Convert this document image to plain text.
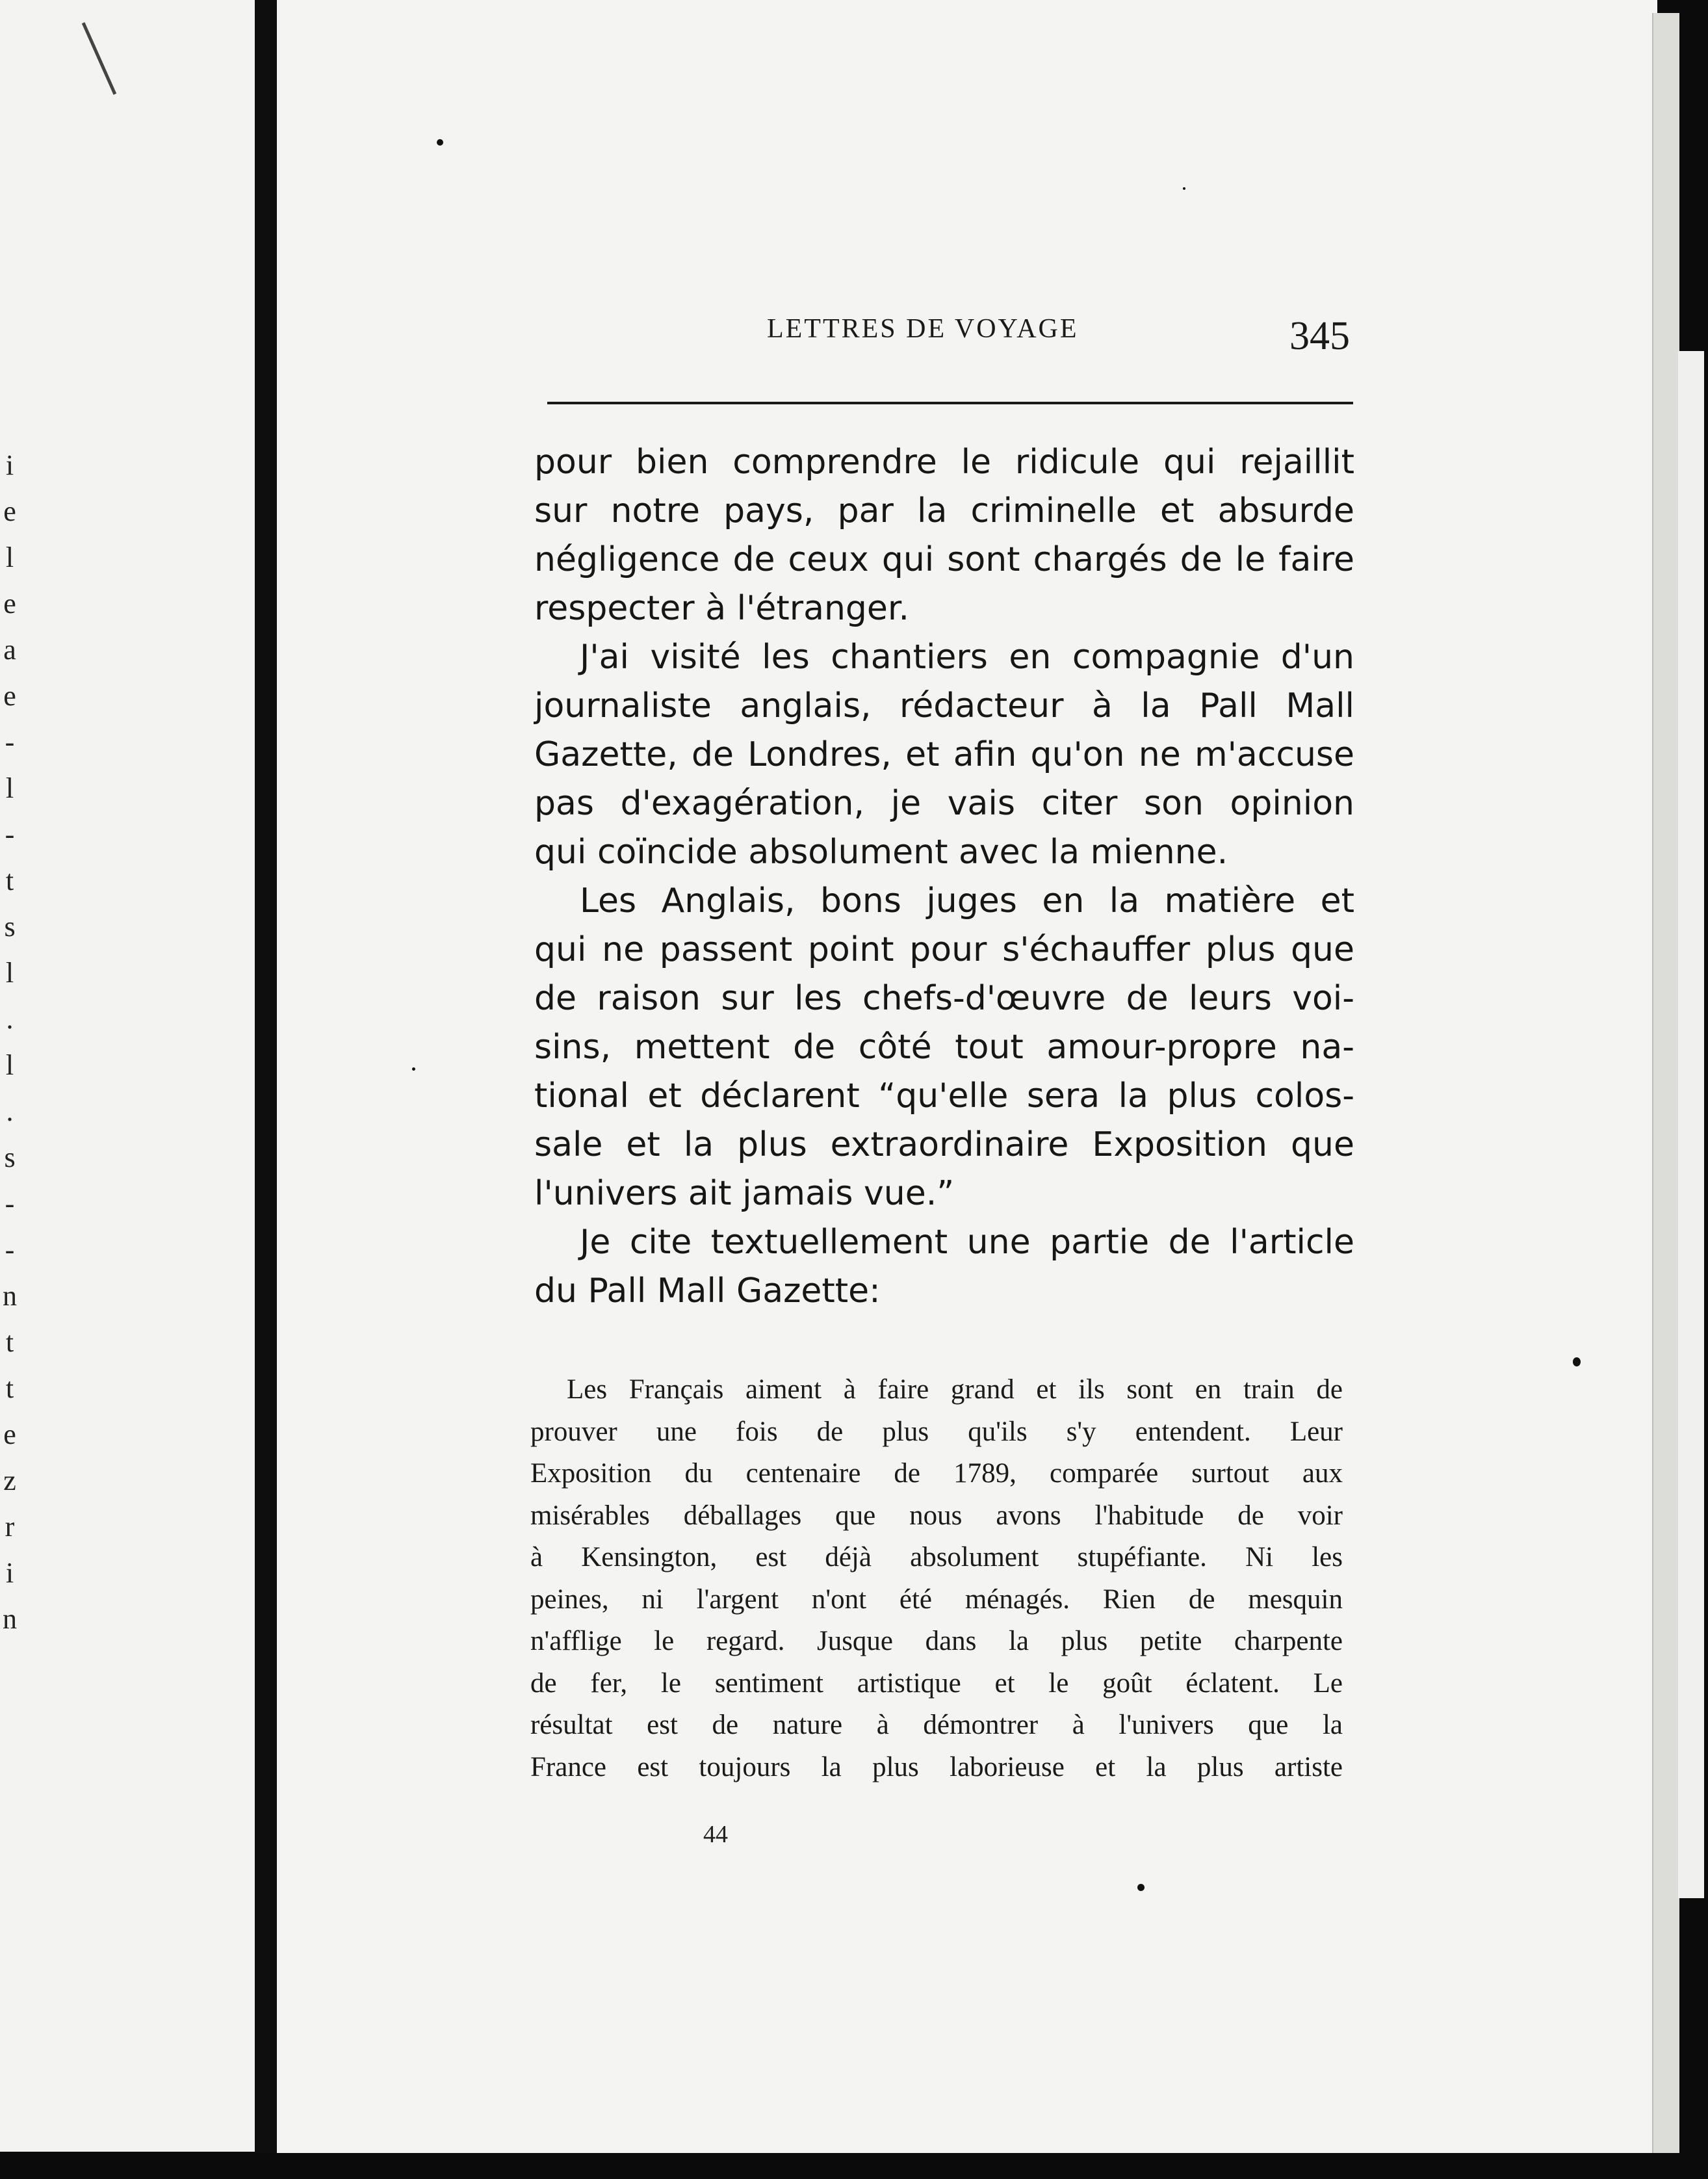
i
e
l
e
a
e
-
l
-
t
s
l
.
l
.
s
-
-
n
t
t
e
z
r
i
n
LETTRES DE VOYAGE	345

pour bien comprendre le ridicule qui rejaillit

sur notre pays, par la criminelle et absurde

négligence de ceux qui sont chargés de le faire

respecter à l'étranger.

J'ai visité les chantiers en compagnie d'un

journaliste anglais, rédacteur à la Pall Mall

Gazette, de Londres, et afin qu'on ne m'accuse

pas d'exagération, je vais citer son opinion

qui coïncide absolument avec la mienne.

Les Anglais, bons juges en la matière et

qui ne passent point pour s'échauffer plus que

de raison sur les chefs-d'œuvre de leurs voi-

sins, mettent de côté tout amour-propre na-

tional et déclarent “qu'elle sera la plus colos-

sale et la plus extraordinaire Exposition que

l'univers ait jamais vue.”

Je cite textuellement une partie de l'article

du Pall Mall Gazette:

Les Français aiment à faire grand et ils sont en train de

prouver une fois de plus qu'ils s'y entendent. Leur

Exposition du centenaire de 1789, comparée surtout aux

misérables déballages que nous avons l'habitude de voir

à Kensington, est déjà absolument stupéfiante. Ni les

peines, ni l'argent n'ont été ménagés. Rien de mesquin

n'afflige le regard. Jusque dans la plus petite charpente

de fer, le sentiment artistique et le goût éclatent. Le

résultat est de nature à démontrer à l'univers que la

France est toujours la plus laborieuse et la plus artiste

44
